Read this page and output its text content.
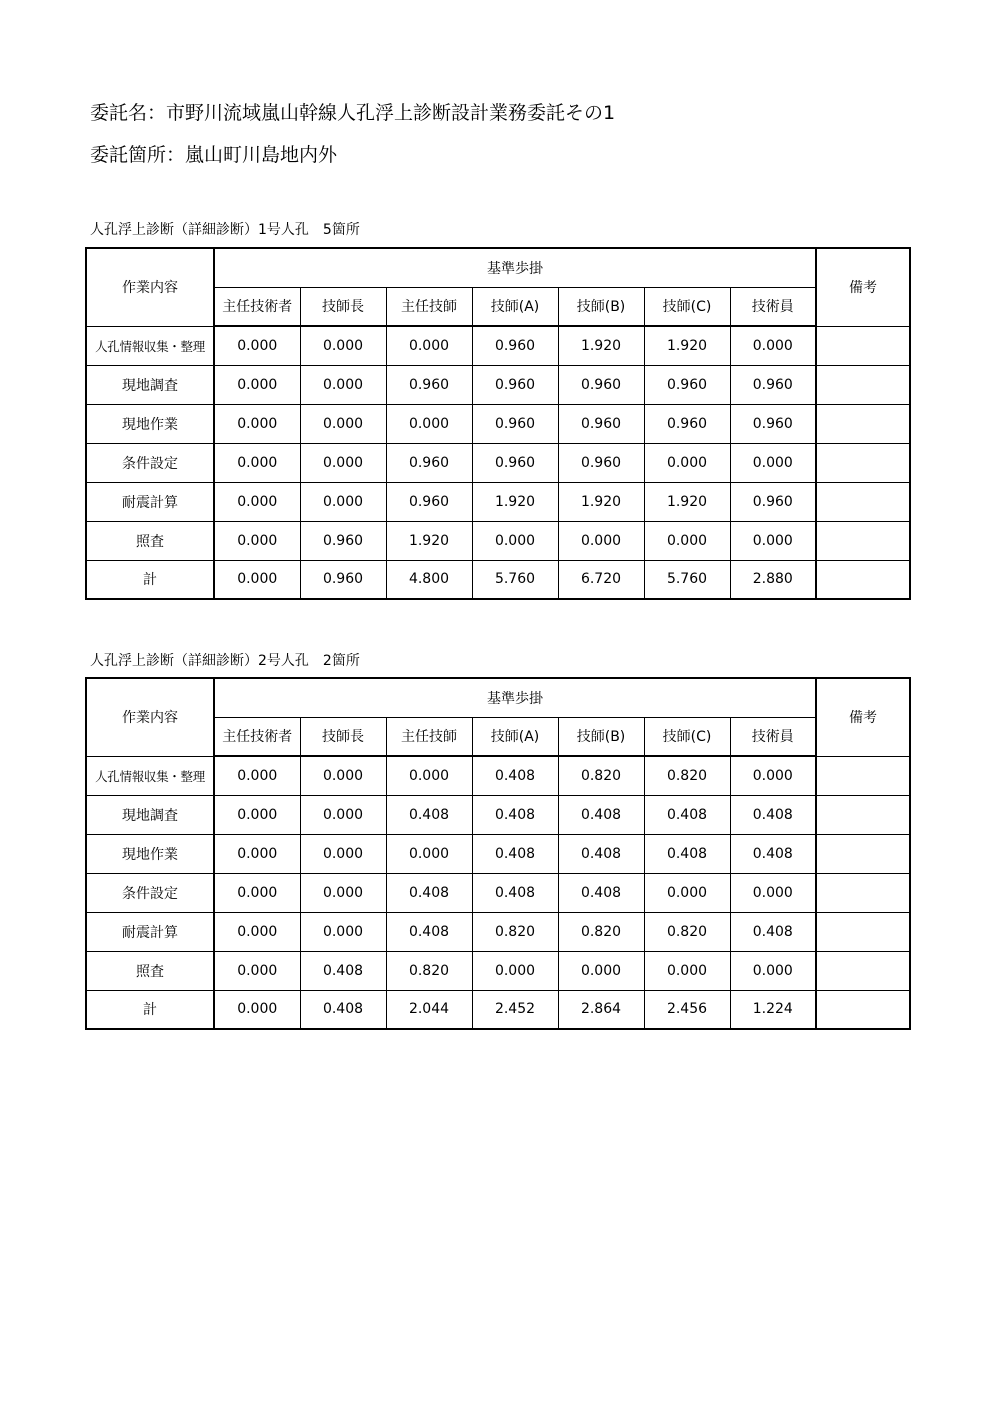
委託名：市野川流域嵐山幹線人孔浮上診断設計業務委託その1
委託箇所：嵐山町川島地内外
人孔浮上診断（詳細診断）1号人孔　5箇所
作業内容	基準歩掛							備考
	主任技術者	技師長	主任技師	技師(A)	技師(B)	技師(C)	技術員	
人孔情報収集・整理	0.000	0.000	0.000	0.960	1.920	1.920	0.000	
現地調査	0.000	0.000	0.960	0.960	0.960	0.960	0.960	
現地作業	0.000	0.000	0.000	0.960	0.960	0.960	0.960	
条件設定	0.000	0.000	0.960	0.960	0.960	0.000	0.000	
耐震計算	0.000	0.000	0.960	1.920	1.920	1.920	0.960	
照査	0.000	0.960	1.920	0.000	0.000	0.000	0.000	
計	0.000	0.960	4.800	5.760	6.720	5.760	2.880	
人孔浮上診断（詳細診断）2号人孔　2箇所
作業内容	基準歩掛							備考
	主任技術者	技師長	主任技師	技師(A)	技師(B)	技師(C)	技術員	
人孔情報収集・整理	0.000	0.000	0.000	0.408	0.820	0.820	0.000	
現地調査	0.000	0.000	0.408	0.408	0.408	0.408	0.408	
現地作業	0.000	0.000	0.000	0.408	0.408	0.408	0.408	
条件設定	0.000	0.000	0.408	0.408	0.408	0.000	0.000	
耐震計算	0.000	0.000	0.408	0.820	0.820	0.820	0.408	
照査	0.000	0.408	0.820	0.000	0.000	0.000	0.000	
計	0.000	0.408	2.044	2.452	2.864	2.456	1.224	
